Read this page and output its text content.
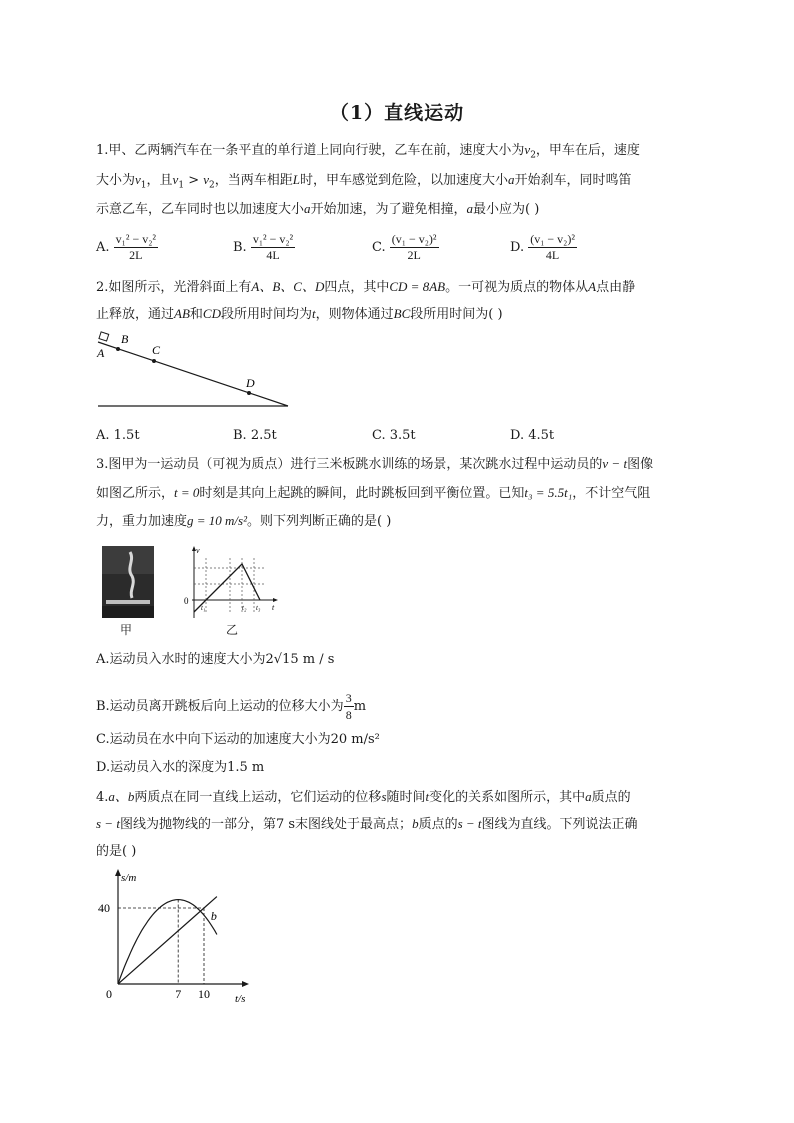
（1）直线运动
1.甲、乙两辆汽车在一条平直的单行道上同向行驶，乙车在前，速度大小为$v_2$，甲车在后，速度
大小为$v_1$，且$v_1 > v_2$，当两车相距L时，甲车感觉到危险，以加速度大小a开始刹车，同时鸣笛
示意乙车，乙车同时也以加速度大小a开始加速，为了避免相撞，a最小应为( )
A. $\frac{\text{v₁² − v₂²}}{2L}$	B. $\frac{\text{v₁² − v₂²}}{4L}$	C. $\frac{\text{(v₁ − v₂)²}}{2L}$	D. $\frac{\text{(v₁ − v₂)²}}{4L}$
2.如图所示，光滑斜面上有A、B、C、D四点，其中CD = 8AB。一可视为质点的物体从A点由静
止释放，通过AB和CD段所用时间均为t，则物体通过BC段所用时间为( )
A
B
C
D
A. 1.5t	B. 2.5t	C. 3.5t	D. 4.5t
3.图甲为一运动员（可视为质点）进行三米板跳水训练的场景，某次跳水过程中运动员的v − t图像
如图乙所示，t = 0时刻是其向上起跳的瞬间，此时跳板回到平衡位置。已知t₃ = 5.5t₁，不计空气阻
力，重力加速度g = 10 m/s²。则下列判断正确的是( )
甲
v
0
t
t₁	t₂ t₃
乙
A.运动员入水时的速度大小为2√15 m / s
B.运动员离开跳板后向上运动的位移大小为 $\frac{3}{8}$ m
C.运动员在水中向下运动的加速度大小为20 m/s²
D.运动员入水的深度为1.5 m
4.a、b两质点在同一直线上运动，它们运动的位移s随时间t变化的关系如图所示，其中a质点的
s − t图线为抛物线的一部分，第7 s末图线处于最高点；b质点的s − t图线为直线。下列说法正确
的是( )
s/m
t/s
0	7 10
40
b
